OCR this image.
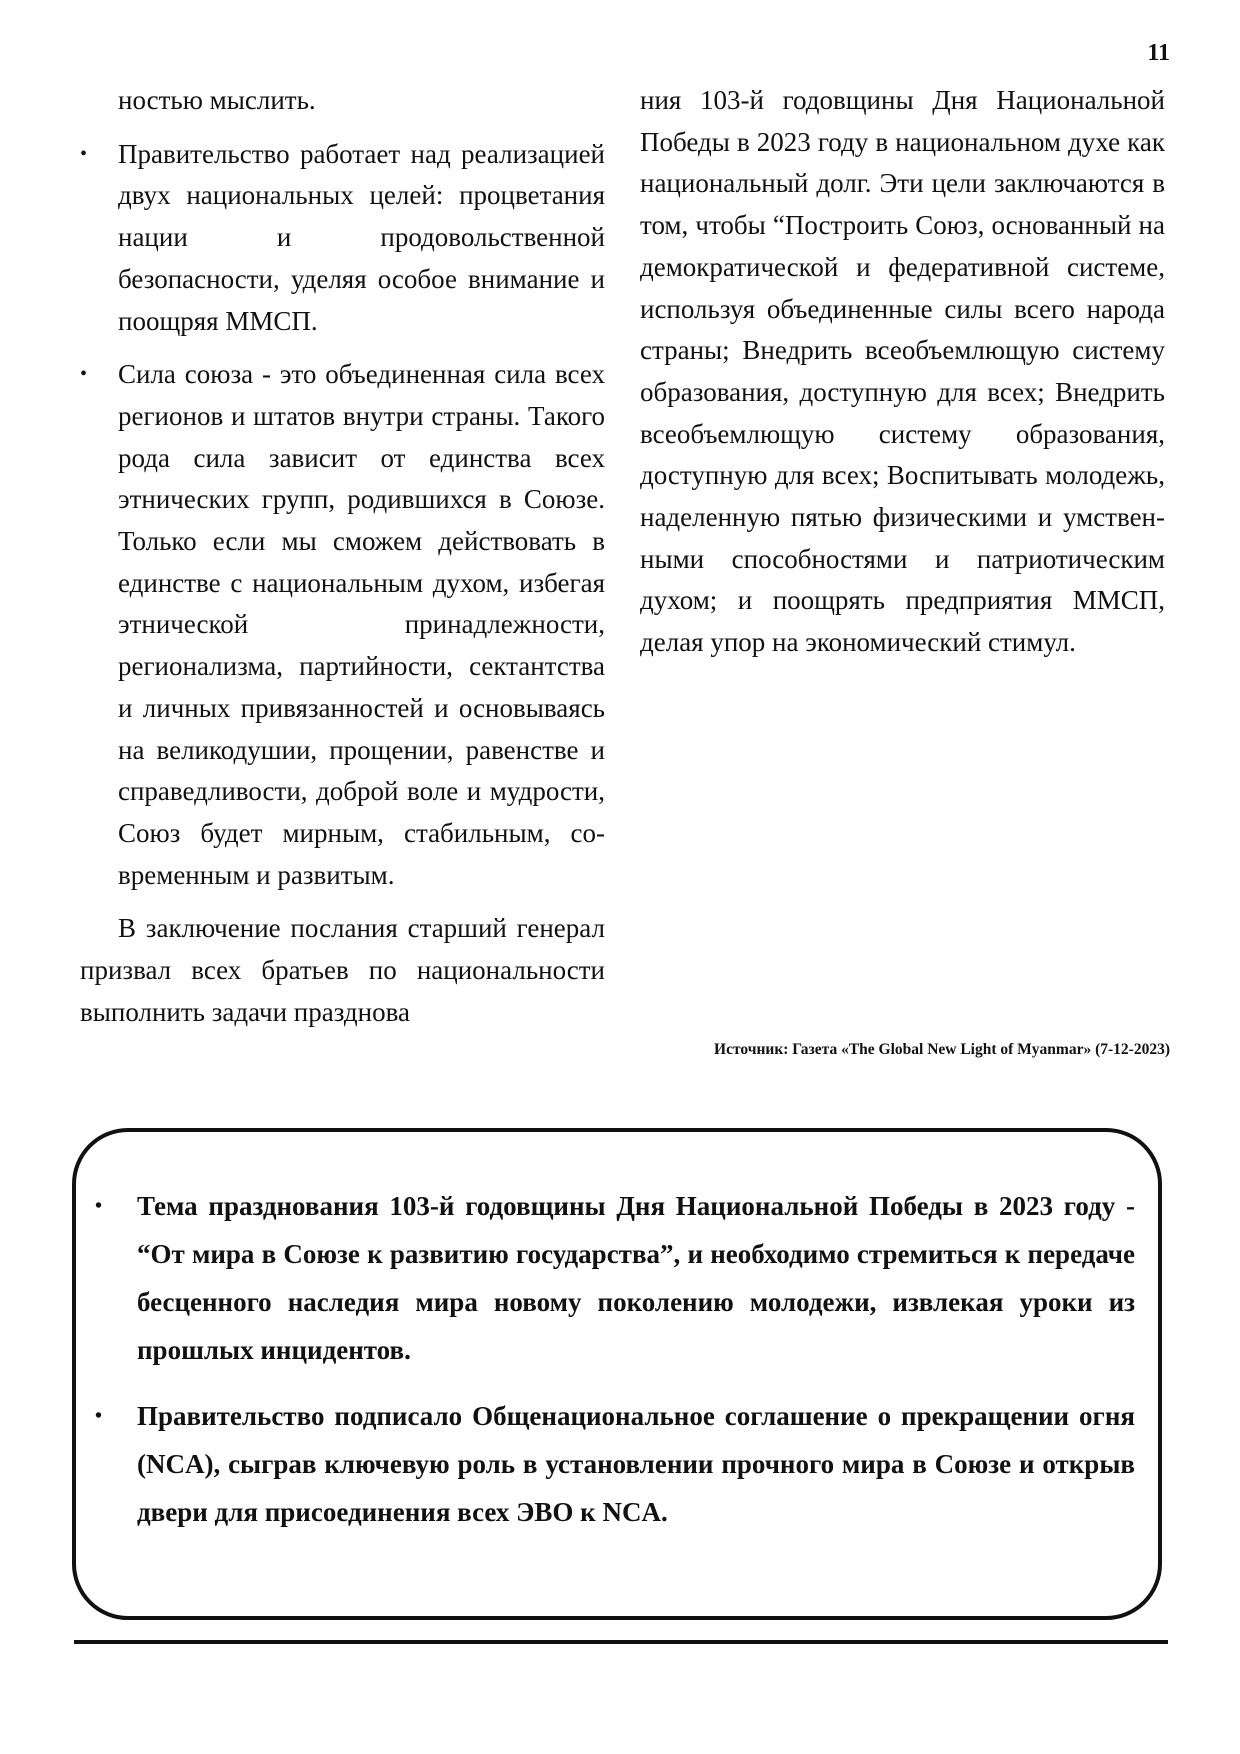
11

ностью мыслить.

•	Правительство работает над реализацией двух национальных целей: процветания нации и продовольственной безопасности, уделяя особое внимание и поощряя ММСП.
•	Сила союза - это объединенная сила всех регионов и штатов внутри страны. Такого рода сила зависит от единства всех этнических групп, родившихся в Союзе. Только если мы сможем действовать в единстве с национальным духом, избегая этнической принадлежности, регионализма, партийности, сектантства и личных привязанностей и основываясь на великодушии, прощении, равенстве и справедливости, доброй воле и мудрости, Союз будет мирным, стабильным, современным и развитым.

В заключение послания старший генерал призвал всех братьев по национальности выполнить задачи празднова

ния 103-й годовщины Дня Национальной Победы в 2023 году в национальном духе как национальный долг. Эти цели заключаются в том, чтобы “Построить Союз, основанный на демократической и федеративной системе, используя объединенные силы всего народа страны; Внедрить всеобъемлющую систему образования, доступную для всех; Внедрить всеобъемлющую систему образования, доступную для всех; Воспитывать молодежь, наделенную пятью физическими и умственными способностями и патриотическим духом; и поощрять предприятия ММСП, делая упор на экономический стимул.

Источник: Газета «The Global New Light of Myanmar» (7-12-2023)
• Тема празднования 103-й годовщины Дня Национальной Победы в 2023 году - “От мира в Союзе к развитию государства”, и необходимо стремиться к передаче бесценного наследия мира новому поколению молодежи, извлекая уроки из прошлых инцидентов.
• Правительство подписало Общенациональное соглашение о прекращении огня (NCA), сыграв ключевую роль в установлении прочного мира в Союзе и открыв двери для присоединения всех ЭВО к NCA.
